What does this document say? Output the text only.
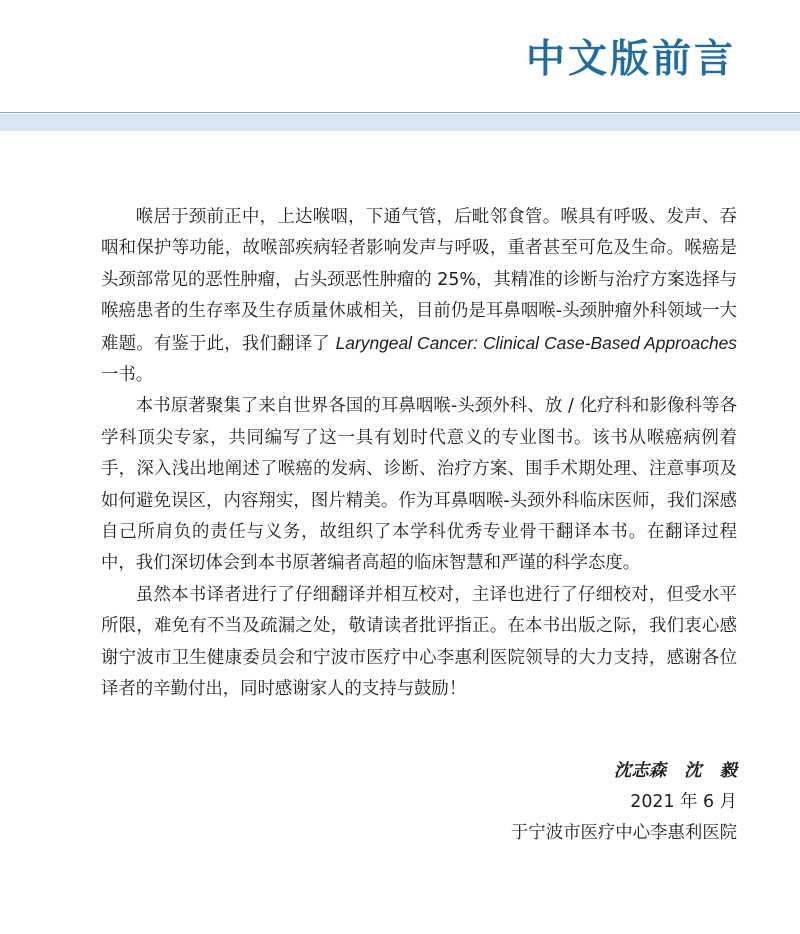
中文版前言

喉居于颈前正中，上达喉咽，下通气管，后毗邻食管。喉具有呼吸、发声、吞咽和保护等功能，故喉部疾病轻者影响发声与呼吸，重者甚至可危及生命。喉癌是头颈部常见的恶性肿瘤，占头颈恶性肿瘤的 25%，其精准的诊断与治疗方案选择与喉癌患者的生存率及生存质量休戚相关，目前仍是耳鼻咽喉-头颈肿瘤外科领域一大难题。有鉴于此，我们翻译了 Laryngeal Cancer: Clinical Case-Based Approaches 一书。

本书原著聚集了来自世界各国的耳鼻咽喉-头颈外科、放 / 化疗科和影像科等各学科顶尖专家，共同编写了这一具有划时代意义的专业图书。该书从喉癌病例着手，深入浅出地阐述了喉癌的发病、诊断、治疗方案、围手术期处理、注意事项及如何避免误区，内容翔实，图片精美。作为耳鼻咽喉-头颈外科临床医师，我们深感自己所肩负的责任与义务，故组织了本学科优秀专业骨干翻译本书。在翻译过程中，我们深切体会到本书原著编者高超的临床智慧和严谨的科学态度。

虽然本书译者进行了仔细翻译并相互校对，主译也进行了仔细校对，但受水平所限，难免有不当及疏漏之处，敬请读者批评指正。在本书出版之际，我们衷心感谢宁波市卫生健康委员会和宁波市医疗中心李惠利医院领导的大力支持，感谢各位译者的辛勤付出，同时感谢家人的支持与鼓励！

沈志森 沈 毅
2021 年 6 月
于宁波市医疗中心李惠利医院
